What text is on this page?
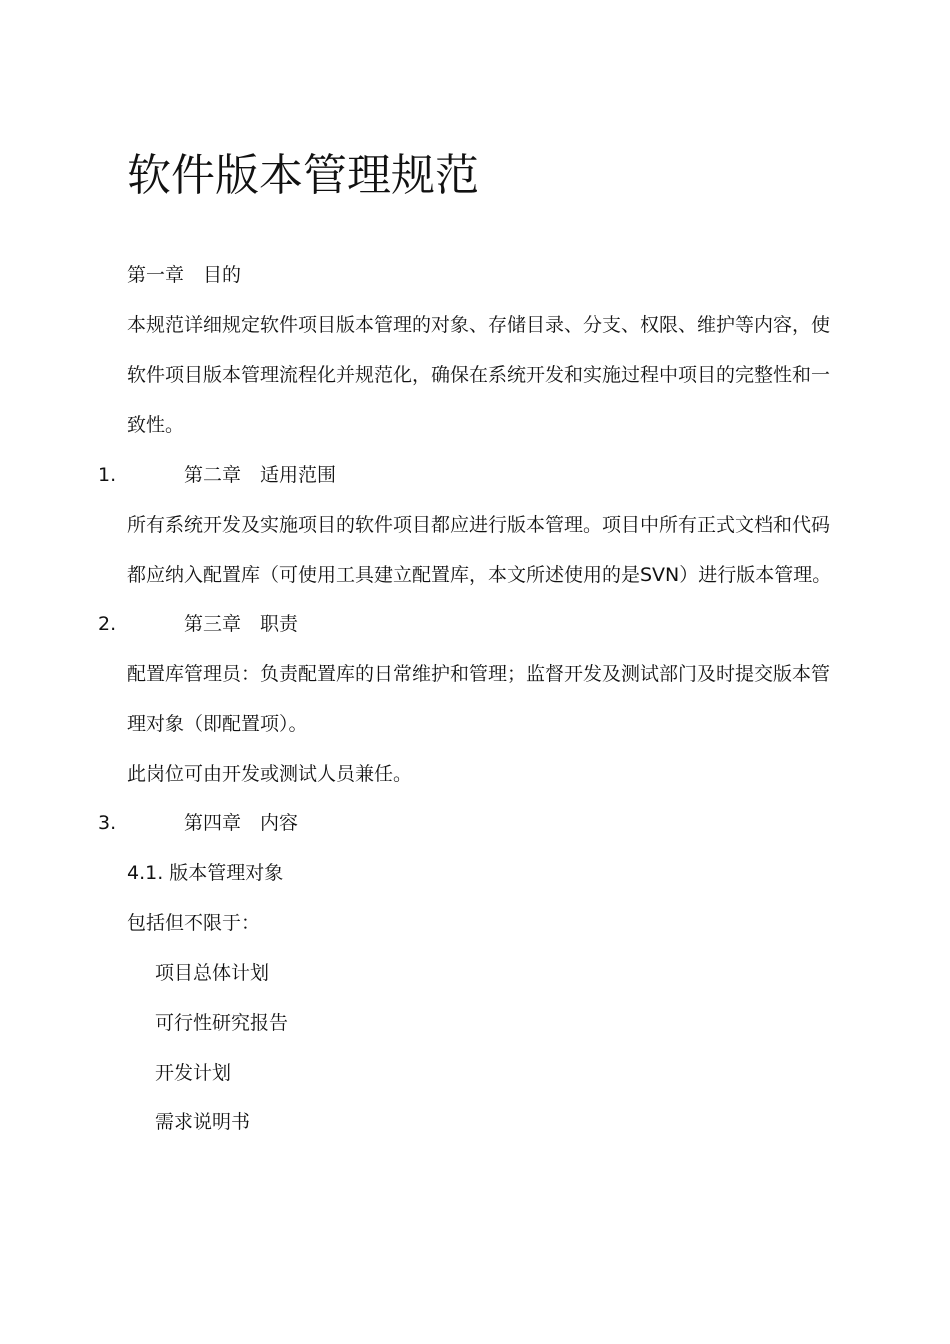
软件版本管理规范
第一章 目的
本规范详细规定软件项目版本管理的对象、存储目录、分支、权限、维护等内容，使
软件项目版本管理流程化并规范化，确保在系统开发和实施过程中项目的完整性和一
致性。
1.	第二章 适用范围
所有系统开发及实施项目的软件项目都应进行版本管理。项目中所有正式文档和代码
都应纳入配置库（可使用工具建立配置库，本文所述使用的是SVN）进行版本管理。
2.	第三章 职责
配置库管理员：负责配置库的日常维护和管理；监督开发及测试部门及时提交版本管
理对象（即配置项）。
此岗位可由开发或测试人员兼任。
3.	第四章 内容
4.1. 版本管理对象
包括但不限于：
项目总体计划
可行性研究报告
开发计划
需求说明书
